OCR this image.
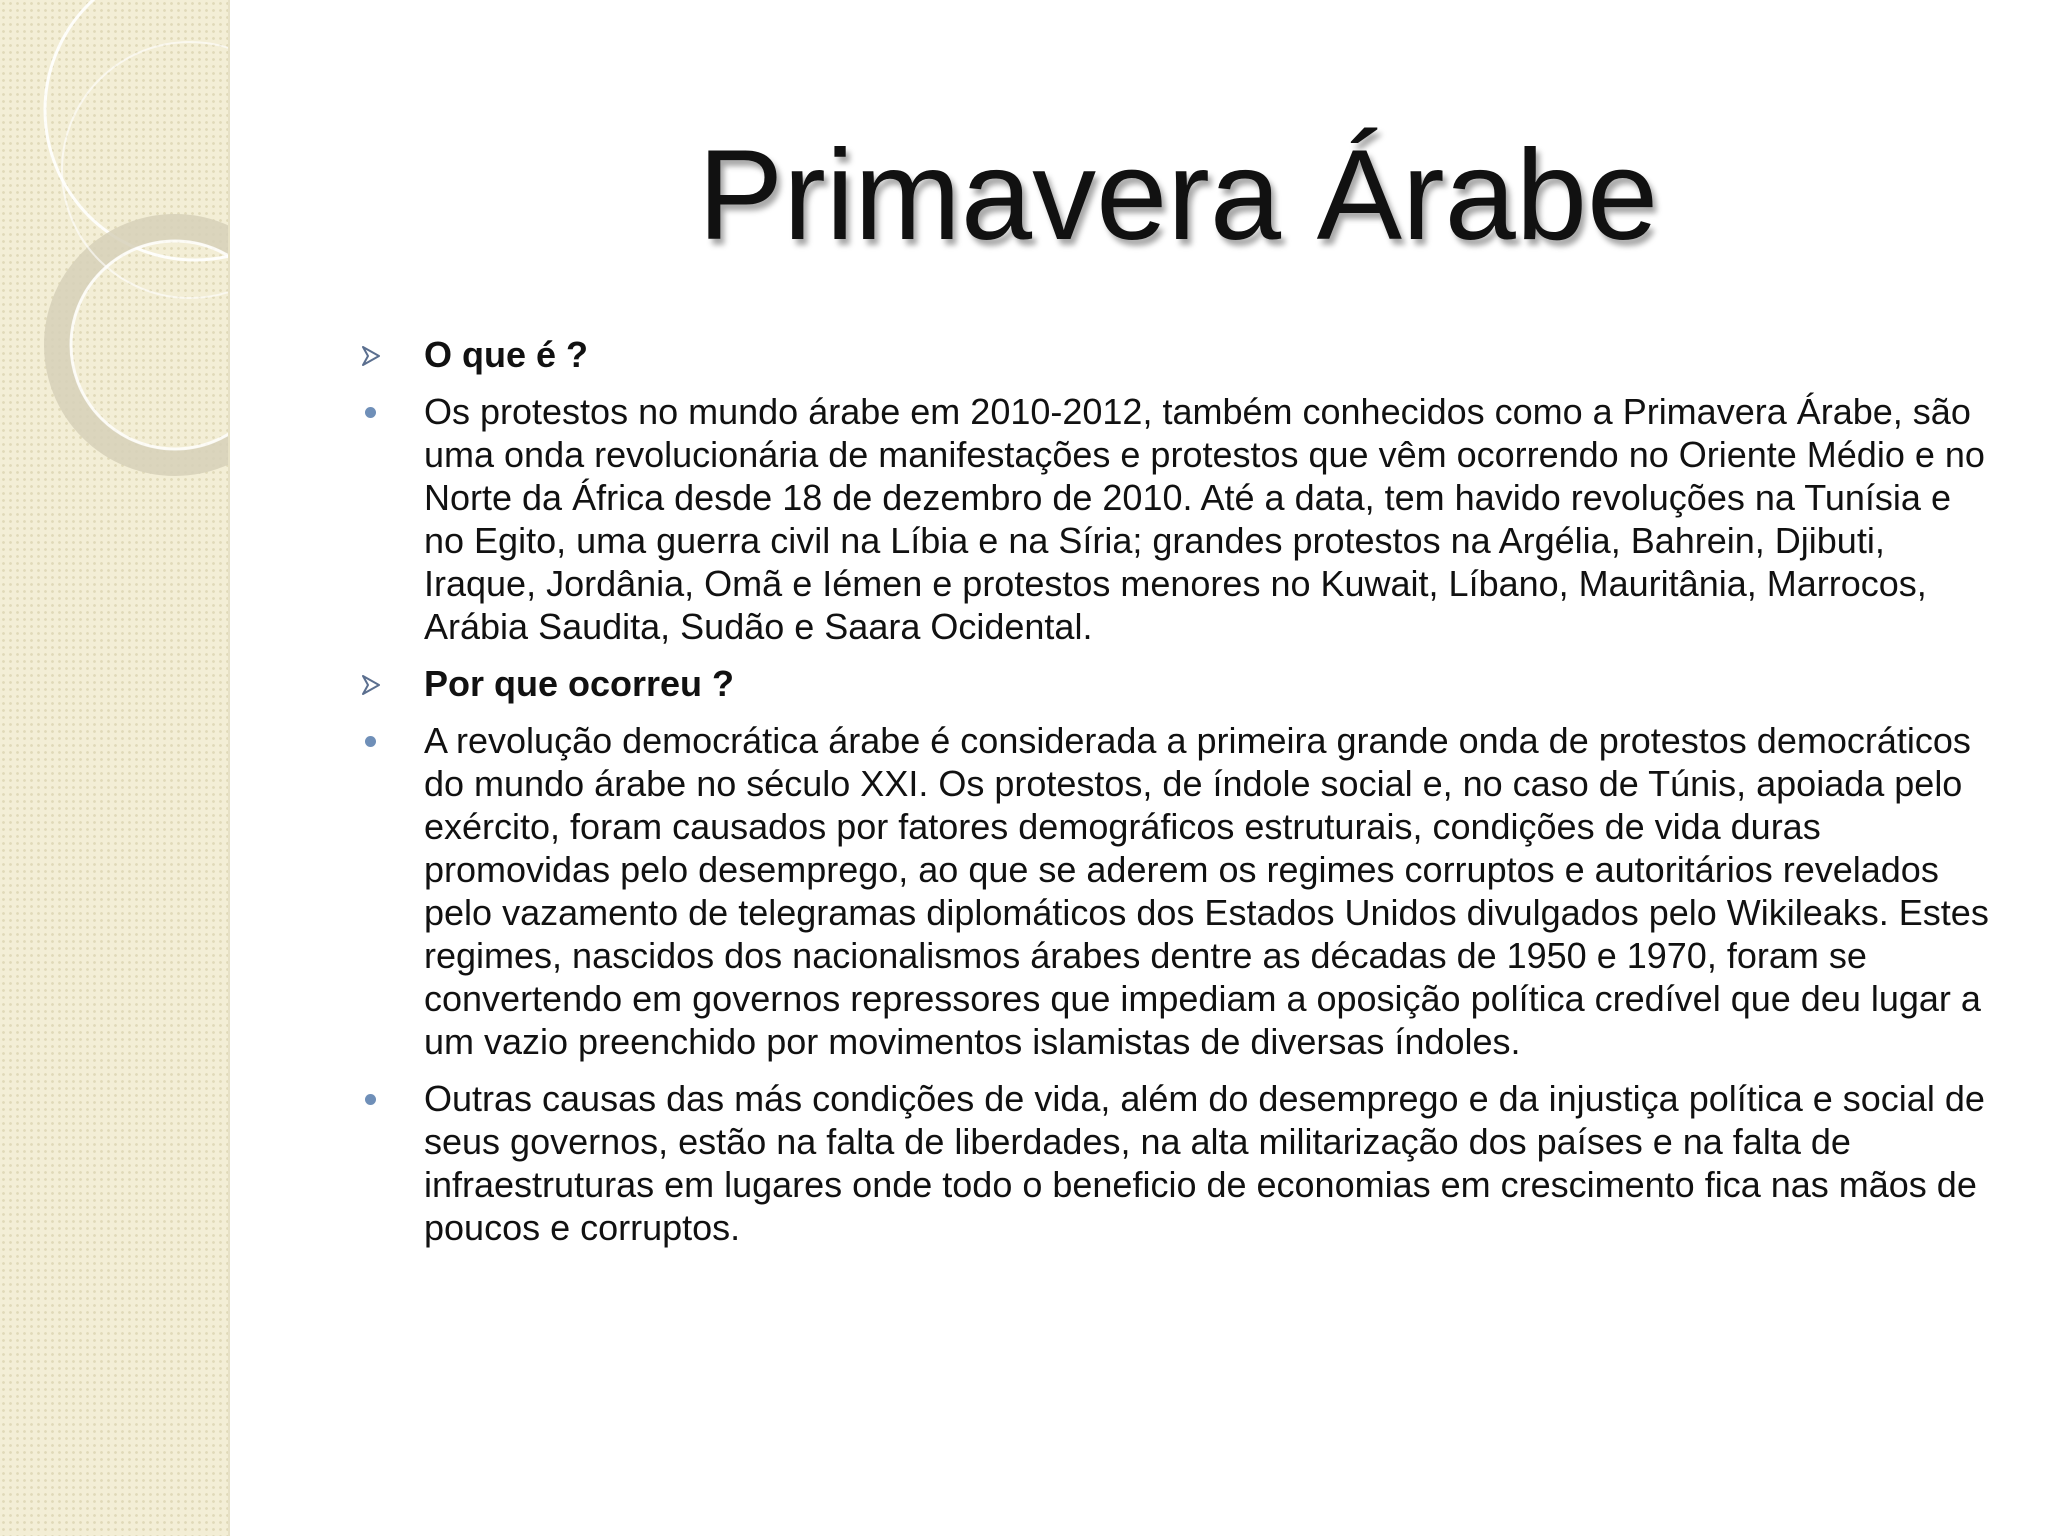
Primavera Árabe
O que é ?
Os protestos no mundo árabe em 2010-2012, também conhecidos como a Primavera Árabe, são uma onda revolucionária de manifestações e protestos que vêm ocorrendo no Oriente Médio e no Norte da África desde 18 de dezembro de 2010. Até a data, tem havido revoluções na Tunísia e no Egito, uma guerra civil na Líbia e na Síria; grandes protestos na Argélia, Bahrein, Djibuti, Iraque, Jordânia, Omã e Iémen e protestos menores no Kuwait, Líbano, Mauritânia, Marrocos, Arábia Saudita, Sudão e Saara Ocidental.
Por que ocorreu ?
A revolução democrática árabe é considerada a primeira grande onda de protestos democráticos do mundo árabe no século XXI. Os protestos, de índole social e, no caso de Túnis, apoiada pelo exército, foram causados por fatores demográficos estruturais, condições de vida duras promovidas pelo desemprego, ao que se aderem os regimes corruptos e autoritários revelados pelo vazamento de telegramas diplomáticos dos Estados Unidos divulgados pelo Wikileaks. Estes regimes, nascidos dos nacionalismos árabes dentre as décadas de 1950 e 1970, foram se convertendo em governos repressores que impediam a oposição política credível que deu lugar a um vazio preenchido por movimentos islamistas de diversas índoles.
Outras causas das más condições de vida, além do desemprego e da injustiça política e social de seus governos, estão na falta de liberdades, na alta militarização dos países e na falta de infraestruturas em lugares onde todo o beneficio de economias em crescimento fica nas mãos de poucos e corruptos.
